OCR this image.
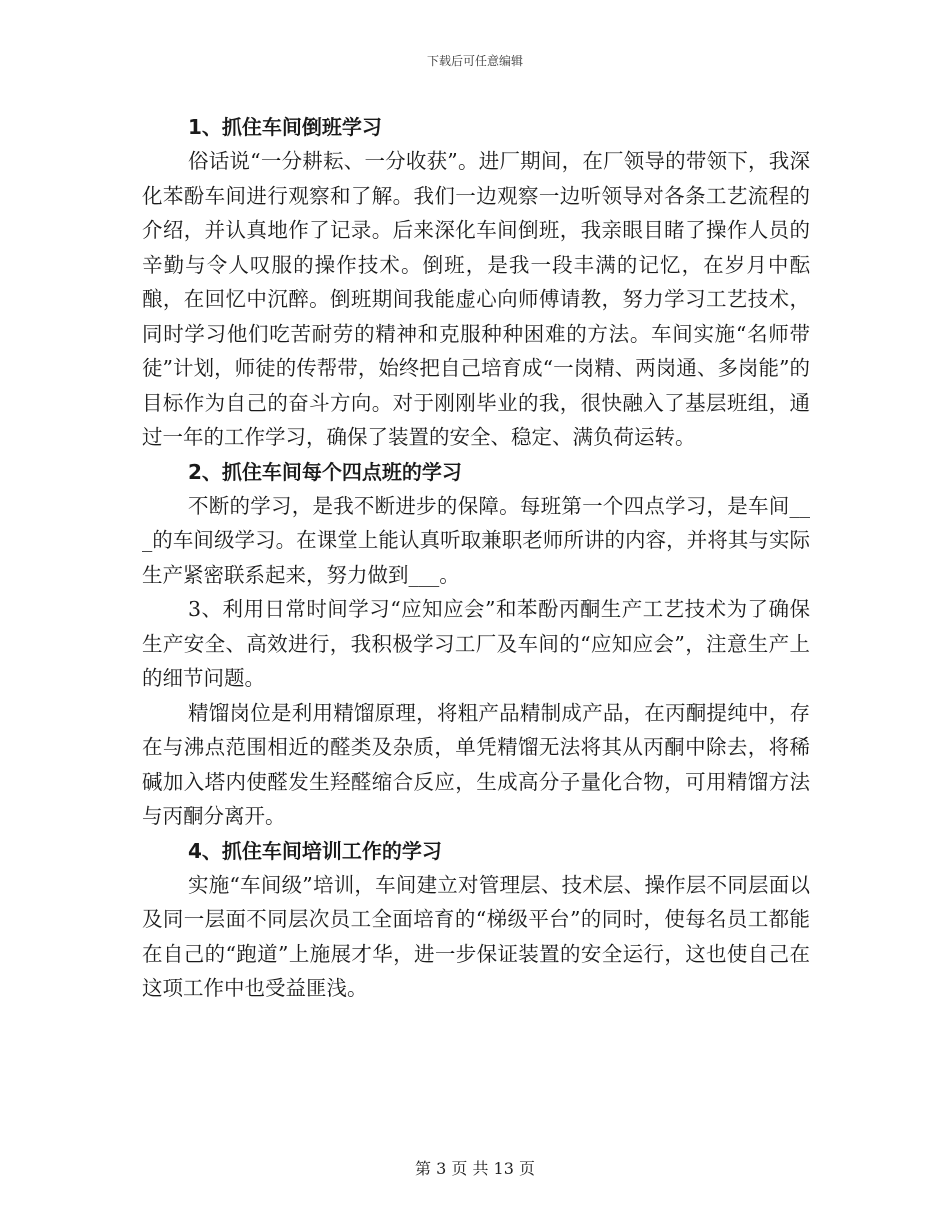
下载后可任意编辑
1、抓住车间倒班学习

俗话说“一分耕耘、一分收获”。进厂期间，在厂领导的带领下，我深化苯酚车间进行观察和了解。我们一边观察一边听领导对各条工艺流程的介绍，并认真地作了记录。后来深化车间倒班，我亲眼目睹了操作人员的辛勤与令人叹服的操作技术。倒班，是我一段丰满的记忆，在岁月中酝酿，在回忆中沉醉。倒班期间我能虚心向师傅请教，努力学习工艺技术，同时学习他们吃苦耐劳的精神和克服种种困难的方法。车间实施“名师带徒”计划，师徒的传帮带，始终把自己培育成“一岗精、两岗通、多岗能”的目标作为自己的奋斗方向。对于刚刚毕业的我，很快融入了基层班组，通过一年的工作学习，确保了装置的安全、稳定、满负荷运转。

2、抓住车间每个四点班的学习

不断的学习，是我不断进步的保障。每班第一个四点学习，是车间___的车间级学习。在课堂上能认真听取兼职老师所讲的内容，并将其与实际生产紧密联系起来，努力做到___。

3、利用日常时间学习“应知应会”和苯酚丙酮生产工艺技术为了确保生产安全、高效进行，我积极学习工厂及车间的“应知应会”，注意生产上的细节问题。

精馏岗位是利用精馏原理，将粗产品精制成产品，在丙酮提纯中，存在与沸点范围相近的醛类及杂质，单凭精馏无法将其从丙酮中除去，将稀碱加入塔内使醛发生羟醛缩合反应，生成高分子量化合物，可用精馏方法与丙酮分离开。

4、抓住车间培训工作的学习

实施“车间级”培训，车间建立对管理层、技术层、操作层不同层面以及同一层面不同层次员工全面培育的“梯级平台”的同时，使每名员工都能在自己的“跑道”上施展才华，进一步保证装置的安全运行，这也使自己在这项工作中也受益匪浅。

第 3 页 共 13 页
